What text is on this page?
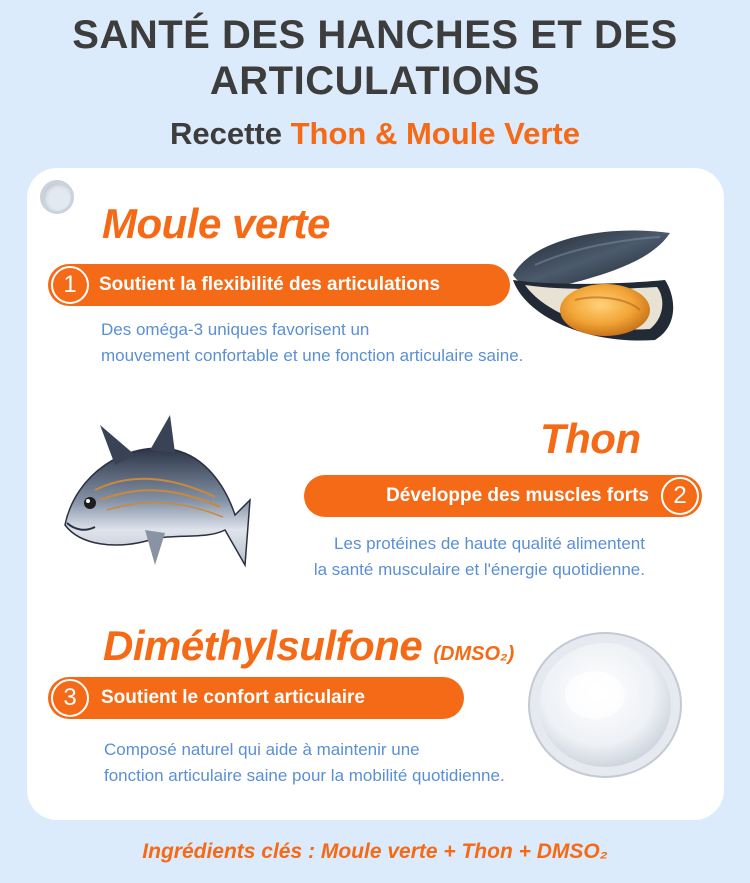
SANTÉ DES HANCHES ET DES
ARTICULATIONS
Recette Thon & Moule Verte
Moule verte
1	Soutient la flexibilité des articulations
Des oméga-3 uniques favorisent un
mouvement confortable et une fonction articulaire saine.
Thon
Développe des muscles forts	2
Les protéines de haute qualité alimentent
la santé musculaire et l'énergie quotidienne.
Diméthylsulfone (DMSO₂)
3	Soutient le confort articulaire
Composé naturel qui aide à maintenir une
fonction articulaire saine pour la mobilité quotidienne.
Ingrédients clés : Moule verte + Thon + DMSO₂
